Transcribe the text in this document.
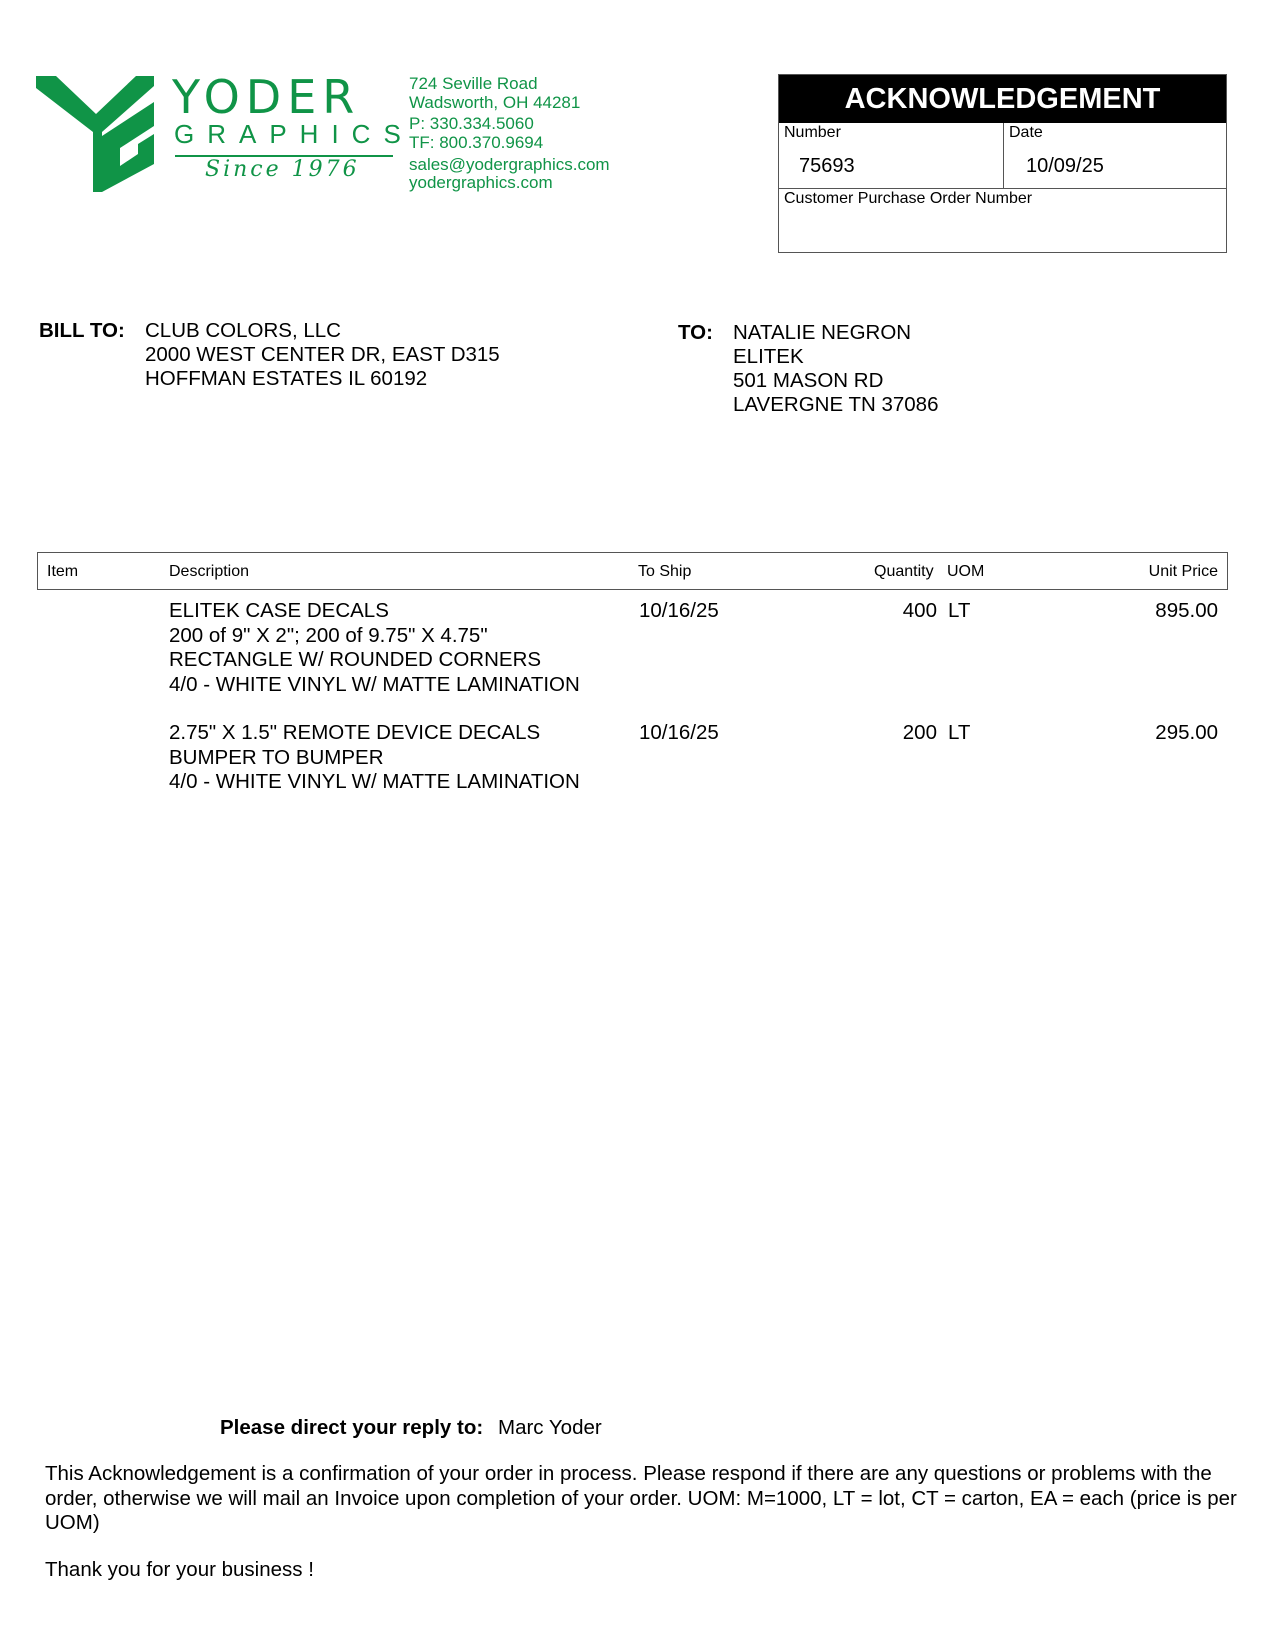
YODER
GRAPHICS
Since 1976
724 Seville Road
Wadsworth, OH 44281
P: 330.334.5060
TF: 800.370.9694
sales@yodergraphics.com
yodergraphics.com
ACKNOWLEDGEMENT
Number
75693
Date
10/09/25
Customer Purchase Order Number
BILL TO: CLUB COLORS, LLC
2000 WEST CENTER DR, EAST D315
HOFFMAN ESTATES IL 60192
TO: NATALIE NEGRON
ELITEK
501 MASON RD
LAVERGNE TN 37086
Item	Description	To Ship	Quantity UOM	Unit Price
ELITEK CASE DECALS
200 of 9" X 2"; 200 of 9.75" X 4.75"
RECTANGLE W/ ROUNDED CORNERS
4/0 - WHITE VINYL W/ MATTE LAMINATION
10/16/25	400 LT	895.00
2.75" X 1.5" REMOTE DEVICE DECALS
BUMPER TO BUMPER
4/0 - WHITE VINYL W/ MATTE LAMINATION
10/16/25	200 LT	295.00
Please direct your reply to: Marc Yoder
This Acknowledgement is a confirmation of your order in process. Please respond if there are any questions or problems with the order, otherwise we will mail an Invoice upon completion of your order. UOM: M=1000, LT = lot, CT = carton, EA = each (price is per UOM)
Thank you for your business !
